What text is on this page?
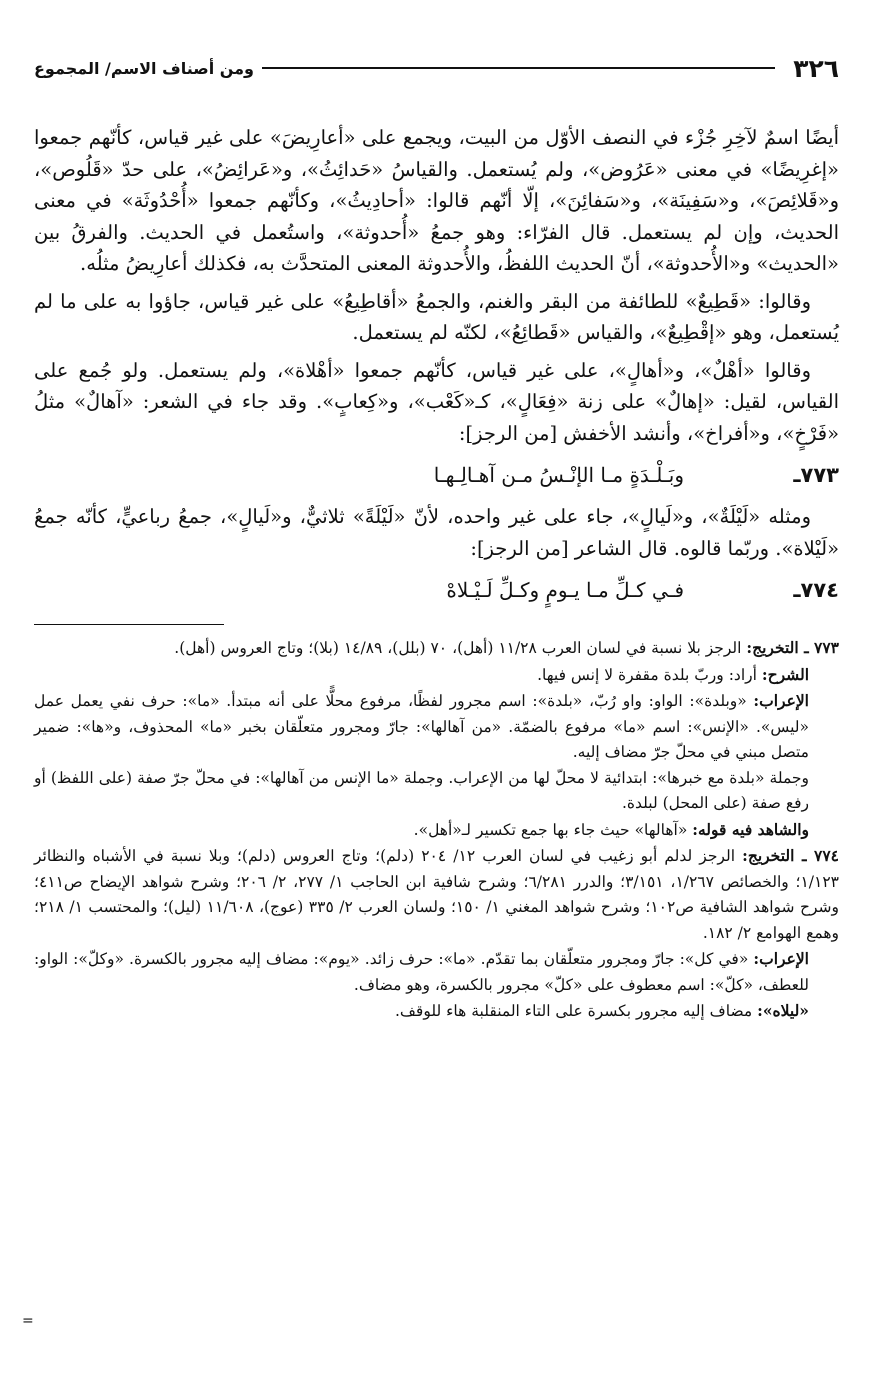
٣٢٦
ومن أصناف الاسم/ المجموع

أيضًا اسمٌ لآخِرِ جُزْء في النصف الأوّل من البيت، ويجمع على «أعارِيضَ» على غير قياس، كأنّهم جمعوا «إغرِيضًا» في معنى «عَرُوض»، ولم يُستعمل. والقياسُ «حَدائِثُ»، و«عَرائِضُ»، على حدّ «قَلُوص»، و«قَلائِصَ»، و«سَفِينَة»، و«سَفائِنَ»، إلّا أنّهم قالوا: «أحادِيثُ»، وكأنّهم جمعوا «أُحْدُوثَة» في معنى الحديث، وإن لم يستعمل. قال الفرّاء: وهو جمعُ «أُحدوثة»، واستُعمل في الحديث. والفرقُ بين «الحديث» و«الأُحدوثة»، أنّ الحديث اللفظُ، والأُحدوثة المعنى المتحدَّث به، فكذلك أعارِيضُ مثلُه.

وقالوا: «قَطِيعٌ» للطائفة من البقر والغنم، والجمعُ «أقاطِيعُ» على غير قياس، جاؤوا به على ما لم يُستعمل، وهو «إقْطِيعٌ»، والقياس «قَطائِعُ»، لكنّه لم يستعمل.

وقالوا «أهْلٌ»، و«أهالٍ»، على غير قياس، كأنّهم جمعوا «أهْلاة»، ولم يستعمل. ولو جُمع على القياس، لقيل: «إهالٌ» على زنة «فِعَالٍ»، كـ«كَعْب»، و«كِعابٍ». وقد جاء في الشعر: «آهالٌ» مثلُ «فَرْخٍ»، و«أفراخ»، وأنشد الأخفش [من الرجز]:

٧٧٣ـ
وبَـلْـدَةٍ مـا الإنْـسُ مـن آهـالِـهـا

ومثله «لَيْلَةٌ»، و«لَيالٍ»، جاء على غير واحده، لأنّ «لَيْلَةً» ثلاثيٌّ، و«لَيالٍ»، جمعُ رباعيٍّ، كأنّه جمعُ «لَيْلاة». وربّما قالوه. قال الشاعر [من الرجز]:

٧٧٤ـ
فـي كـلِّ مـا يـومٍ وكـلِّ لَـيْـلاهْ

٧٧٣ ـ التخريج: الرجز بلا نسبة في لسان العرب ١١/٢٨ (أهل)، ٧٠ (بلل)، ١٤/٨٩ (بلا)؛ وتاج العروس (أهل).

الشرح: أراد: وربّ بلدة مقفرة لا إنس فيها.

الإعراب: «وبلدة»: الواو: واو رُبّ، «بلدة»: اسم مجرور لفظًا، مرفوع محلًّا على أنه مبتدأ. «ما»: حرف نفي يعمل عمل «ليس». «الإنس»: اسم «ما» مرفوع بالضمّة. «من آهالها»: جارّ ومجرور متعلّقان بخبر «ما» المحذوف، و«ها»: ضمير متصل مبني في محلّ جرّ مضاف إليه.

وجملة «بلدة مع خبرها»: ابتدائية لا محلّ لها من الإعراب. وجملة «ما الإنس من آهالها»: في محلّ جرّ صفة (على اللفظ) أو رفع صفة (على المحل) لبلدة.

والشاهد فيه قوله: «آهالها» حيث جاء بها جمع تكسير لـ«أهل».

٧٧٤ ـ التخريج: الرجز لدلم أبو زغيب في لسان العرب ١٢/ ٢٠٤ (دلم)؛ وتاج العروس (دلم)؛ وبلا نسبة في الأشباه والنظائر ١/١٢٣؛ والخصائص ١/٢٦٧، ٣/١٥١؛ والدرر ٦/٢٨١؛ وشرح شافية ابن الحاجب ١/ ٢٧٧، ٢/ ٢٠٦؛ وشرح شواهد الإيضاح ص٤١١؛ وشرح شواهد الشافية ص١٠٢؛ وشرح شواهد المغني ١/ ١٥٠؛ ولسان العرب ٢/ ٣٣٥ (عوج)، ١١/٦٠٨ (ليل)؛ والمحتسب ١/ ٢١٨؛ وهمع الهوامع ٢/ ١٨٢.

الإعراب: «في كل»: جارّ ومجرور متعلّقان بما تقدّم. «ما»: حرف زائد. «يوم»: مضاف إليه مجرور بالكسرة. «وكلّ»: الواو: للعطف، «كلّ»: اسم معطوف على «كلّ» مجرور بالكسرة، وهو مضاف.

«ليلاه»: مضاف إليه مجرور بكسرة على التاء المنقلبة هاء للوقف.

=
